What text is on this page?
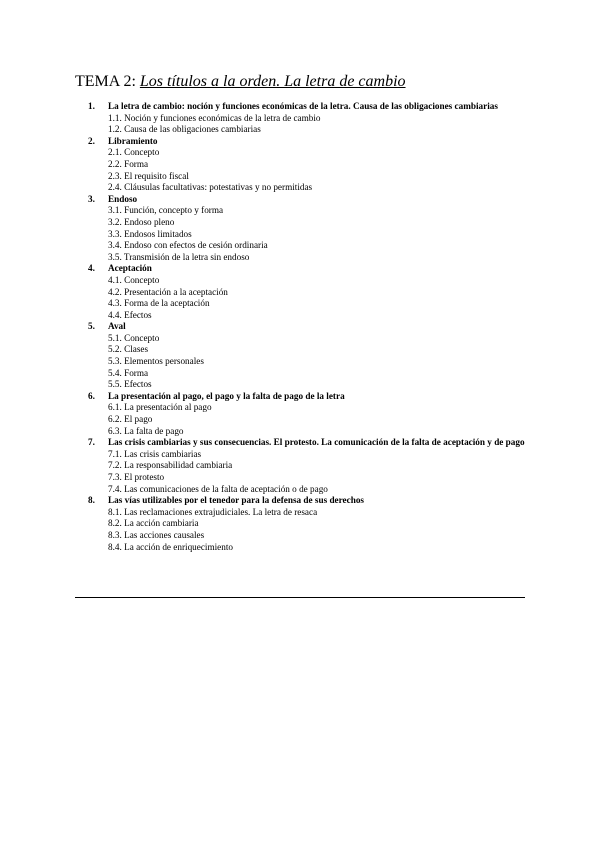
TEMA 2: Los títulos a la orden. La letra de cambio
1.	La letra de cambio: noción y funciones económicas de la letra. Causa de las obligaciones cambiarias
1.1. Noción y funciones económicas de la letra de cambio
1.2. Causa de las obligaciones cambiarias
2.	Libramiento
2.1. Concepto
2.2. Forma
2.3. El requisito fiscal
2.4. Cláusulas facultativas: potestativas y no permitidas
3.	Endoso
3.1. Función, concepto y forma
3.2. Endoso pleno
3.3. Endosos limitados
3.4. Endoso con efectos de cesión ordinaria
3.5. Transmisión de la letra sin endoso
4.	Aceptación
4.1. Concepto
4.2. Presentación a la aceptación
4.3. Forma de la aceptación
4.4. Efectos
5.	Aval
5.1. Concepto
5.2. Clases
5.3. Elementos personales
5.4. Forma
5.5. Efectos
6.	La presentación al pago, el pago y la falta de pago de la letra
6.1. La presentación al pago
6.2. El pago
6.3. La falta de pago
7.	Las crisis cambiarias y sus consecuencias. El protesto. La comunicación de la falta de aceptación y de pago
7.1. Las crisis cambiarias
7.2. La responsabilidad cambiaria
7.3. El protesto
7.4. Las comunicaciones de la falta de aceptación o de pago
8.	Las vías utilizables por el tenedor para la defensa de sus derechos
8.1. Las reclamaciones extrajudiciales. La letra de resaca
8.2. La acción cambiaria
8.3. Las acciones causales
8.4. La acción de enriquecimiento
